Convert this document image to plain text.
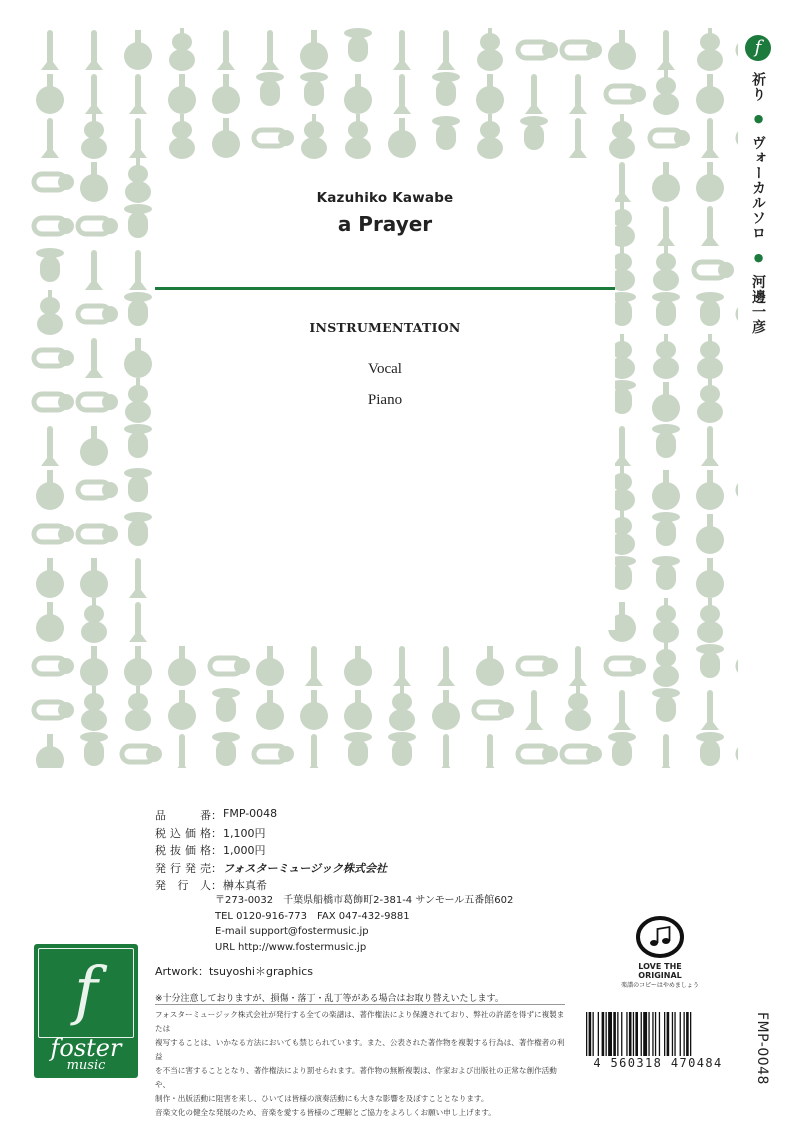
Kazuhiko Kawabe
a Prayer
INSTRUMENTATION
Vocal
Piano
f
祈り ● ヴォーカルソロ ● 河邊一彦
FMP-0048
品番 ： FMP-0048
税込価格 ： 1,100円
税抜価格 ： 1,000円
発行発売 ： フォスターミュージック株式会社
発行人 ： 榊本真希
〒273-0032　千葉県船橋市葛飾町2-381-4 サンモール五番館602
TEL 0120-916-773　FAX 047-432-9881
E-mail support@fostermusic.jp
URL http://www.fostermusic.jp
Artwork：tsuyoshi＊graphics
※十分注意しておりますが、損傷・落丁・乱丁等がある場合はお取り替えいたします。

フォスターミュージック株式会社が発行する全ての楽譜は、著作権法により保護されており、弊社の許諾を得ずに複製または

複写することは、いかなる方法においても禁じられています。また、公表された著作物を複製する行為は、著作権者の利益

を不当に害することとなり、著作権法により罰せられます。著作物の無断複製は、作家および出版社の正常な創作活動や、

制作・出版活動に阻害を来し、ひいては皆様の演奏活動にも大きな影響を及ぼすこととなります。

音楽文化の健全な発展のため、音楽を愛する皆様のご理解とご協力をよろしくお願い申し上げます。

f
foster
music
LOVE THE ORIGINAL
楽譜のコピーはやめましょう
4 560318 470484
